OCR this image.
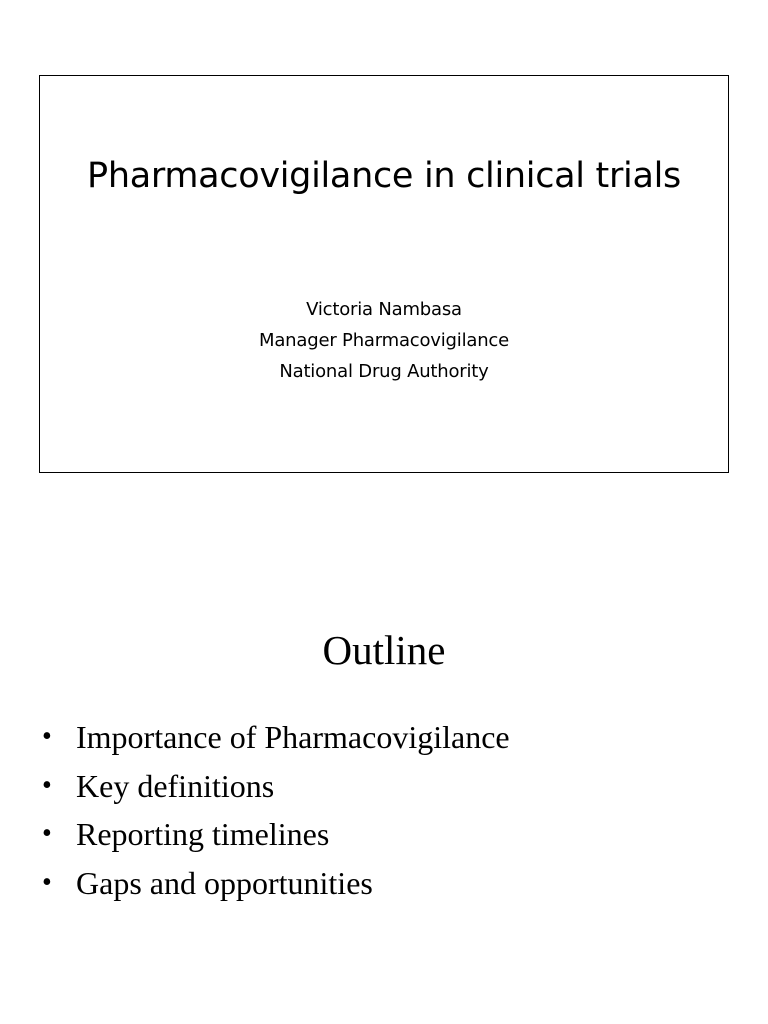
Pharmacovigilance in clinical trials
Victoria Nambasa
Manager Pharmacovigilance
National Drug Authority
Outline
• Importance of Pharmacovigilance
• Key definitions
• Reporting timelines
• Gaps and opportunities
